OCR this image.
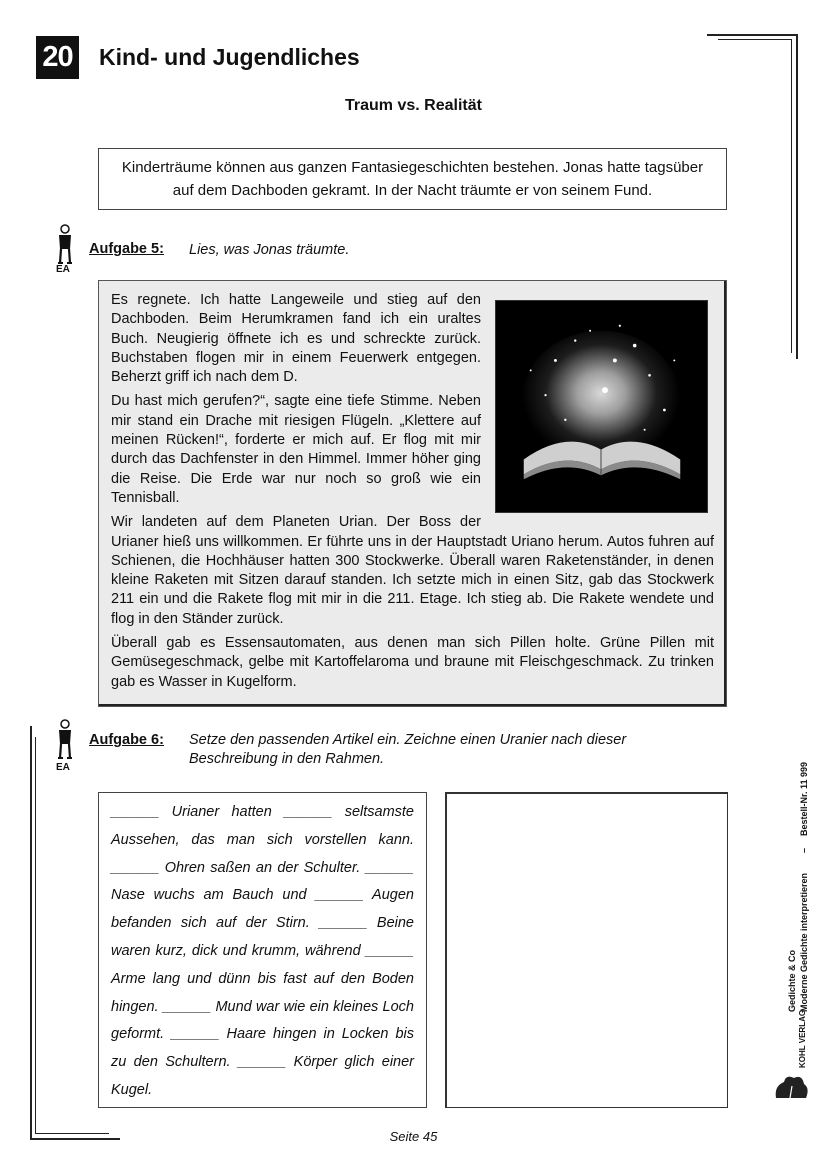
20 Kind- und Jugendliches
Traum vs. Realität
Kinderträume können aus ganzen Fantasiegeschichten bestehen. Jonas hatte tagsüber auf dem Dachboden gekramt. In der Nacht träumte er von seinem Fund.
EA
Aufgabe 5: Lies, was Jonas träumte.

Es regnete. Ich hatte Langeweile und stieg auf den Dachboden. Beim Herumkramen fand ich ein uraltes Buch. Neugierig öffnete ich es und schreckte zurück. Buchstaben flogen mir in einem Feuerwerk entgegen. Beherzt griff ich nach dem D.

Du hast mich gerufen?“, sagte eine tiefe Stimme. Neben mir stand ein Drache mit riesigen Flügeln. „Klettere auf meinen Rücken!“, forderte er mich auf. Er flog mit mir durch das Dachfenster in den Himmel. Immer höher ging die Reise. Die Erde war nur noch so groß wie ein Tennisball.

Wir landeten auf dem Planeten Urian. Der Boss der Urianer hieß uns willkommen. Er führte uns in der Hauptstadt Uriano herum. Autos fuhren auf Schienen, die Hochhäuser hatten 300 Stockwerke. Überall waren Raketenständer, in denen kleine Raketen mit Sitzen darauf standen. Ich setzte mich in einen Sitz, gab das Stockwerk 211 ein und die Rakete flog mit mir in die 211. Etage. Ich stieg ab. Die Rakete wendete und flog in den Ständer zurück.

Überall gab es Essensautomaten, aus denen man sich Pillen holte. Grüne Pillen mit Gemüsegeschmack, gelbe mit Kartoffelaroma und braune mit Fleischgeschmack. Zu trinken gab es Wasser in Kugelform.

EA
Aufgabe 6: Setze den passenden Artikel ein. Zeichne einen Uranier nach dieser Beschreibung in den Rahmen.
______ Urianer hatten ______ seltsamste Aussehen, das man sich vorstellen kann. ______ Ohren saßen an der Schulter. ______ Nase wuchs am Bauch und ______ Augen befanden sich auf der Stirn. ______ Beine waren kurz, dick und krumm, während ______ Arme lang und dünn bis fast auf den Boden hingen. ______ Mund war wie ein kleines Loch geformt. ______ Haare hingen in Locken bis zu den Schultern. ______ Körper glich einer Kugel.
Seite 45
Bestell-Nr. 11 999
–
Moderne Gedichte interpretieren
Gedichte & Co
KOHL VERLAG
